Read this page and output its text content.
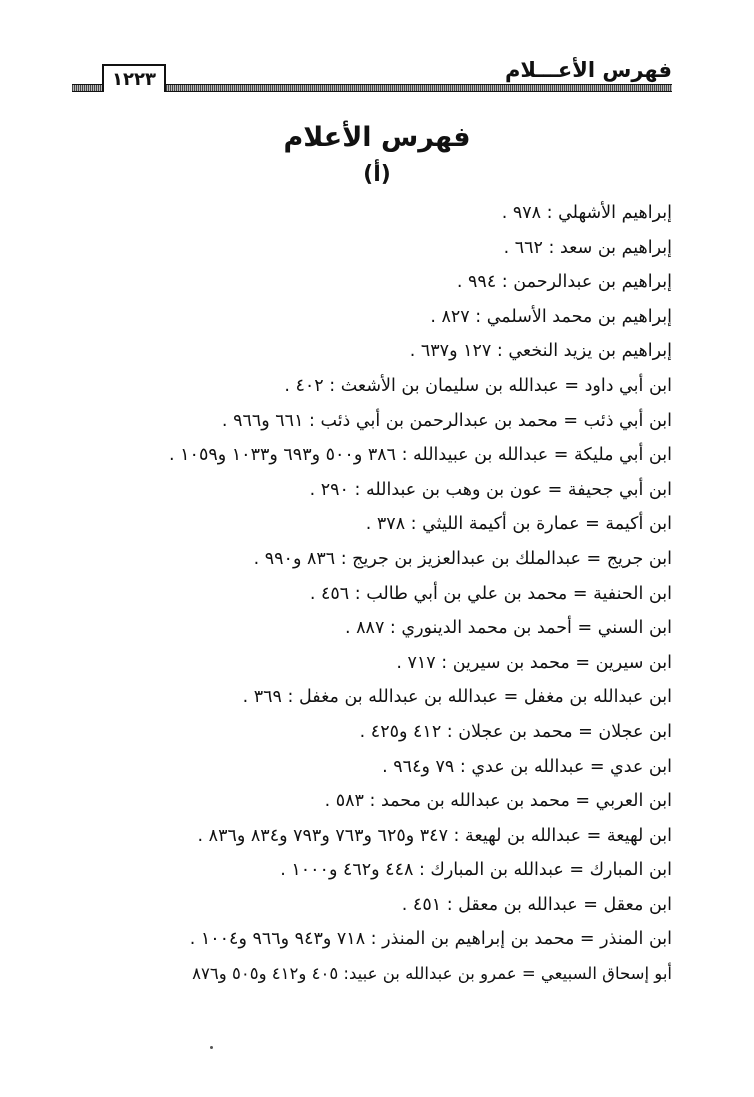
١٢٢٣	فهرس الأعـــلام
فهرس الأعلام
(أ)
إبراهيم الأشهلي : ٩٧٨ .
إبراهيم بن سعد : ٦٦٢ .
إبراهيم بن عبدالرحمن : ٩٩٤ .
إبراهيم بن محمد الأسلمي : ٨٢٧ .
إبراهيم بن يزيد النخعي : ١٢٧ و٦٣٧ .
ابن أبي داود = عبدالله بن سليمان بن الأشعث : ٤٠٢ .
ابن أبي ذئب = محمد بن عبدالرحمن بن أبي ذئب : ٦٦١ و٩٦٦ .
ابن أبي مليكة = عبدالله بن عبيدالله : ٣٨٦ و٥٠٠ و٦٩٣ و١٠٣٣ و١٠٥٩ .
ابن أبي جحيفة = عون بن وهب بن عبدالله : ٢٩٠ .
ابن أكيمة = عمارة بن أكيمة الليثي : ٣٧٨ .
ابن جريج = عبدالملك بن عبدالعزيز بن جريج : ٨٣٦ و٩٩٠ .
ابن الحنفية = محمد بن علي بن أبي طالب : ٤٥٦ .
ابن السني = أحمد بن محمد الدينوري : ٨٨٧ .
ابن سيرين = محمد بن سيرين : ٧١٧ .
ابن عبدالله بن مغفل = عبدالله بن عبدالله بن مغفل : ٣٦٩ .
ابن عجلان = محمد بن عجلان : ٤١٢ و٤٢٥ .
ابن عدي = عبدالله بن عدي : ٧٩ و٩٦٤ .
ابن العربي = محمد بن عبدالله بن محمد : ٥٨٣ .
ابن لهيعة = عبدالله بن لهيعة : ٣٤٧ و٦٢٥ و٧٦٣ و٧٩٣ و٨٣٤ و٨٣٦ .
ابن المبارك = عبدالله بن المبارك : ٤٤٨ و٤٦٢ و١٠٠٠ .
ابن معقل = عبدالله بن معقل : ٤٥١ .
ابن المنذر = محمد بن إبراهيم بن المنذر : ٧١٨ و٩٤٣ و٩٦٦ و١٠٠٤ .
أبو إسحاق السبيعي = عمرو بن عبدالله بن عبيد: ٤٠٥ و٤١٢ و٥٠٥ و٨٧٦
